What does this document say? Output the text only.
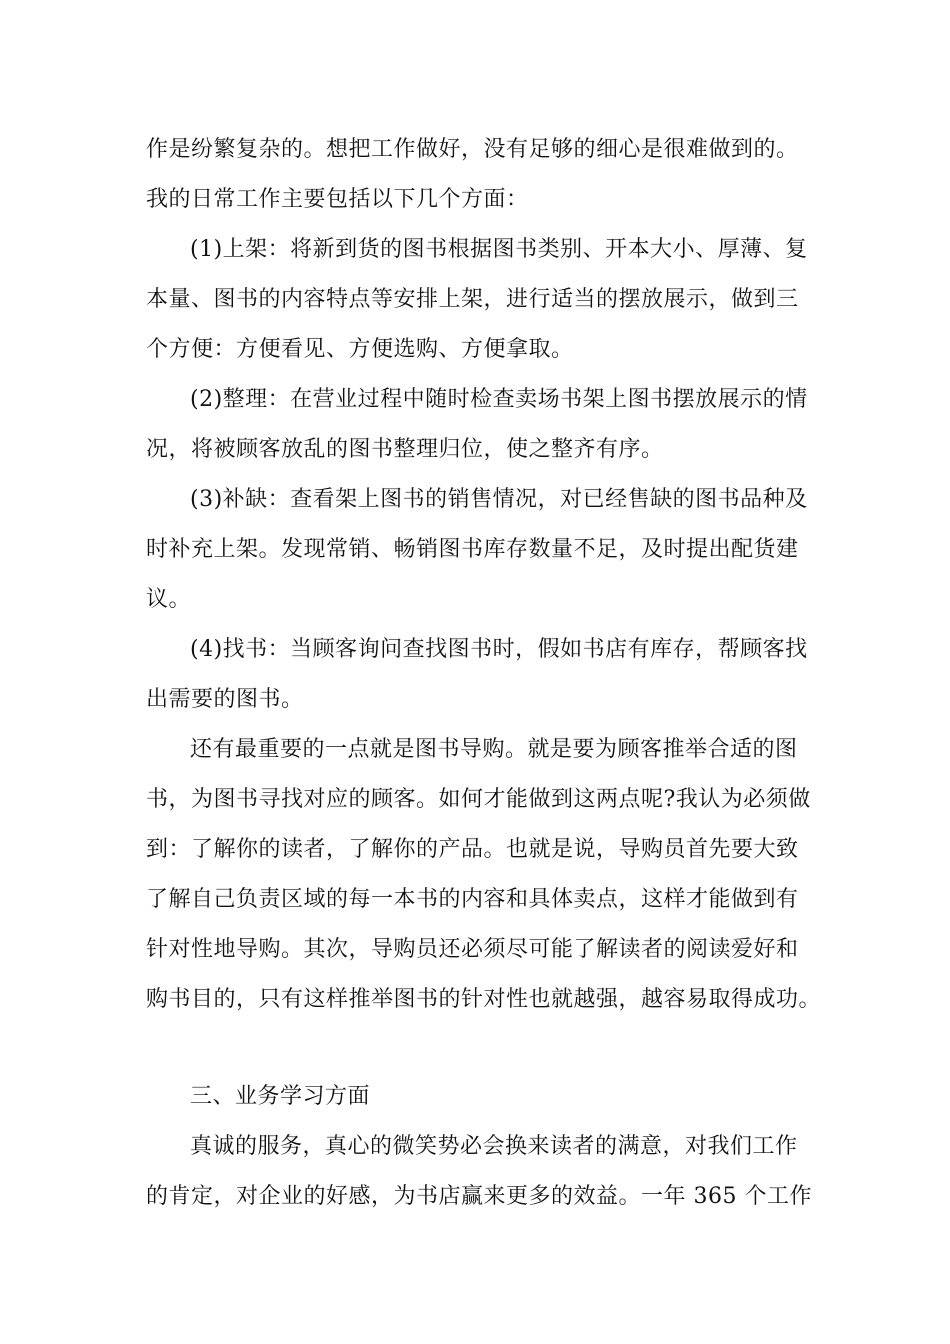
作是纷繁复杂的。想把工作做好，没有足够的细心是很难做到的。

我的日常工作主要包括以下几个方面：

(1)上架：将新到货的图书根据图书类别、开本大小、厚薄、复

本量、图书的内容特点等安排上架，进行适当的摆放展示，做到三

个方便：方便看见、方便选购、方便拿取。

(2)整理：在营业过程中随时检查卖场书架上图书摆放展示的情

况，将被顾客放乱的图书整理归位，使之整齐有序。

(3)补缺：查看架上图书的销售情况，对已经售缺的图书品种及

时补充上架。发现常销、畅销图书库存数量不足，及时提出配货建

议。

(4)找书：当顾客询问查找图书时，假如书店有库存，帮顾客找

出需要的图书。

还有最重要的一点就是图书导购。就是要为顾客推举合适的图

书，为图书寻找对应的顾客。如何才能做到这两点呢?我认为必须做

到：了解你的读者，了解你的产品。也就是说，导购员首先要大致

了解自己负责区域的每一本书的内容和具体卖点，这样才能做到有

针对性地导购。其次，导购员还必须尽可能了解读者的阅读爱好和

购书目的，只有这样推举图书的针对性也就越强，越容易取得成功。

三、业务学习方面

真诚的服务，真心的微笑势必会换来读者的满意，对我们工作

的肯定，对企业的好感，为书店赢来更多的效益。一年 365 个工作
